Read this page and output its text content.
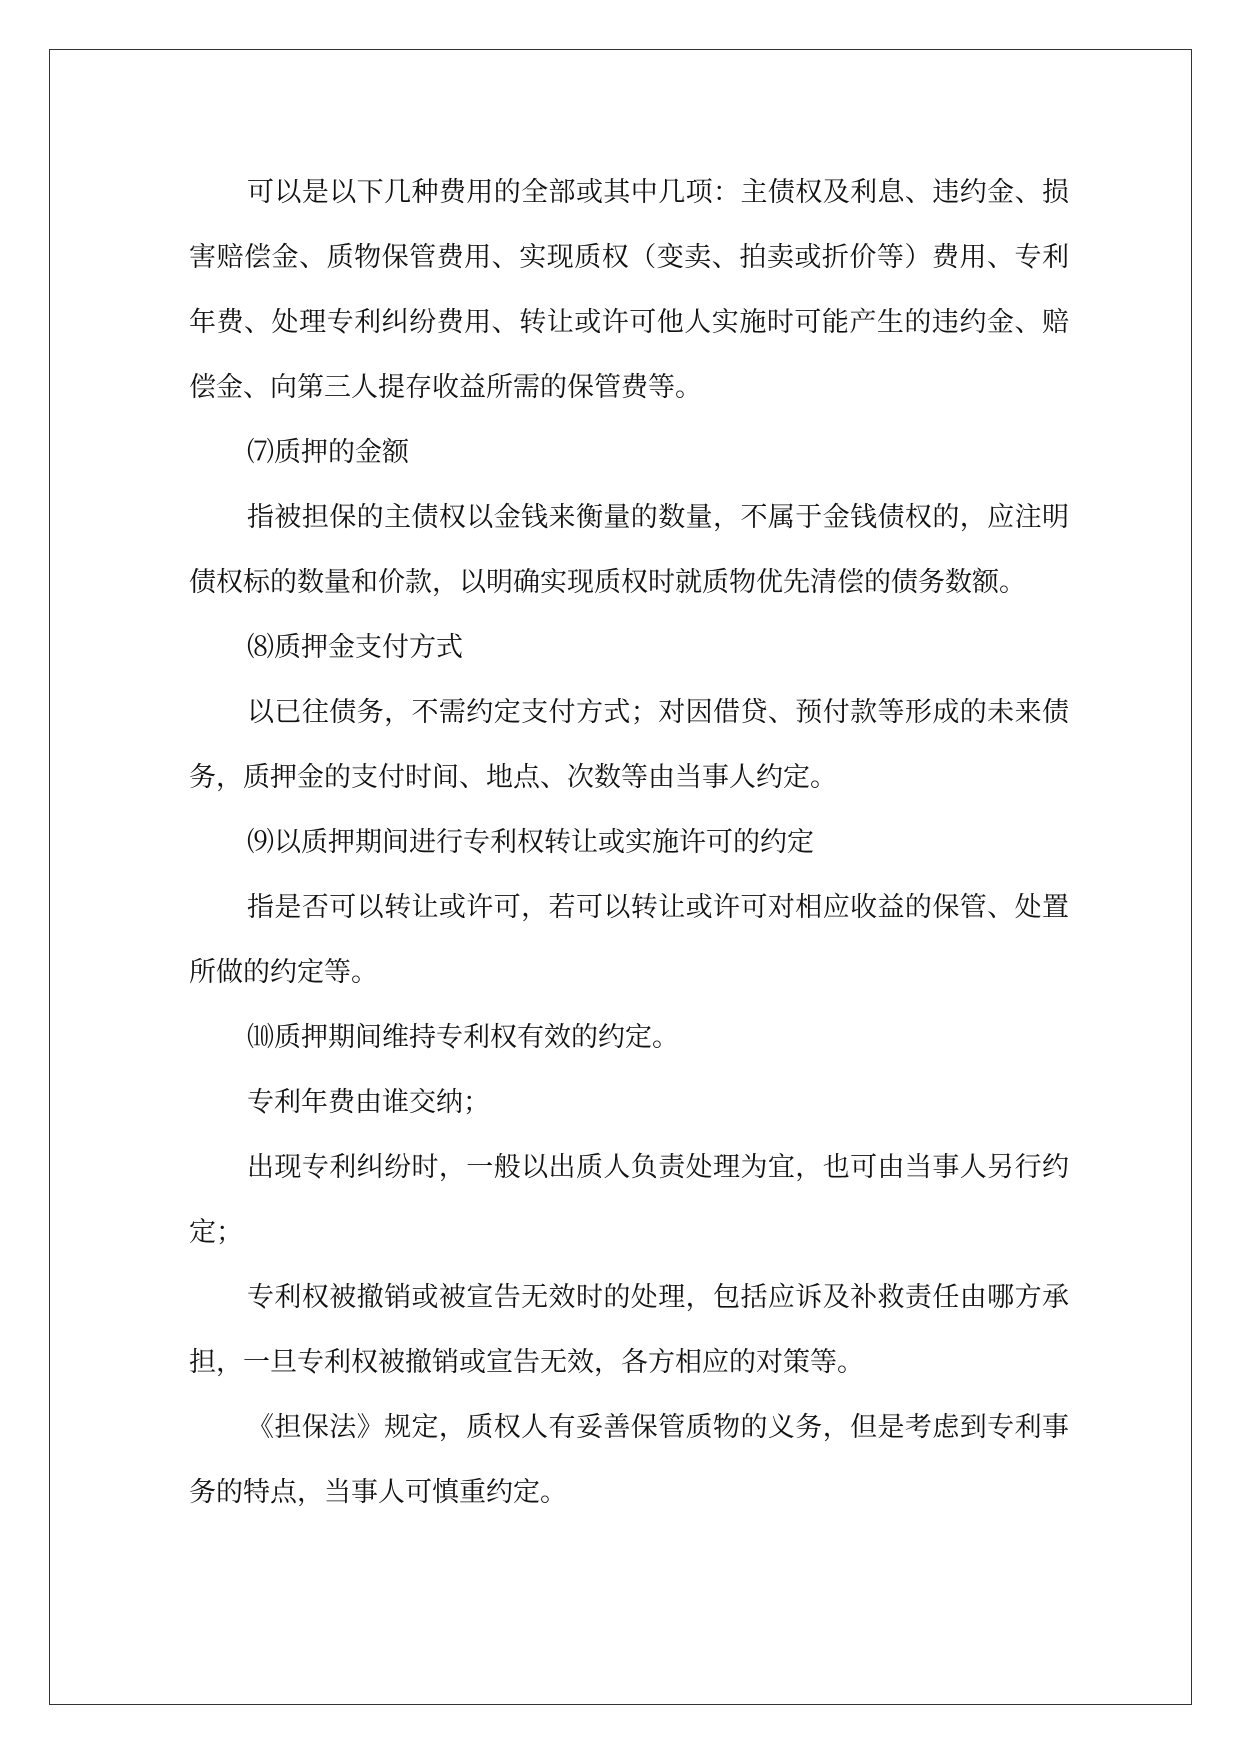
可以是以下几种费用的全部或其中几项：主债权及利息、违约金、损害赔偿金、质物保管费用、实现质权（变卖、拍卖或折价等）费用、专利年费、处理专利纠纷费用、转让或许可他人实施时可能产生的违约金、赔偿金、向第三人提存收益所需的保管费等。

⑺质押的金额

指被担保的主债权以金钱来衡量的数量，不属于金钱债权的，应注明债权标的数量和价款，以明确实现质权时就质物优先清偿的债务数额。

⑻质押金支付方式

以已往债务，不需约定支付方式；对因借贷、预付款等形成的未来债务，质押金的支付时间、地点、次数等由当事人约定。

⑼以质押期间进行专利权转让或实施许可的约定

指是否可以转让或许可，若可以转让或许可对相应收益的保管、处置所做的约定等。

⑽质押期间维持专利权有效的约定。

专利年费由谁交纳；

出现专利纠纷时，一般以出质人负责处理为宜，也可由当事人另行约定；

专利权被撤销或被宣告无效时的处理，包括应诉及补救责任由哪方承担，一旦专利权被撤销或宣告无效，各方相应的对策等。

《担保法》规定，质权人有妥善保管质物的义务，但是考虑到专利事务的特点，当事人可慎重约定。
